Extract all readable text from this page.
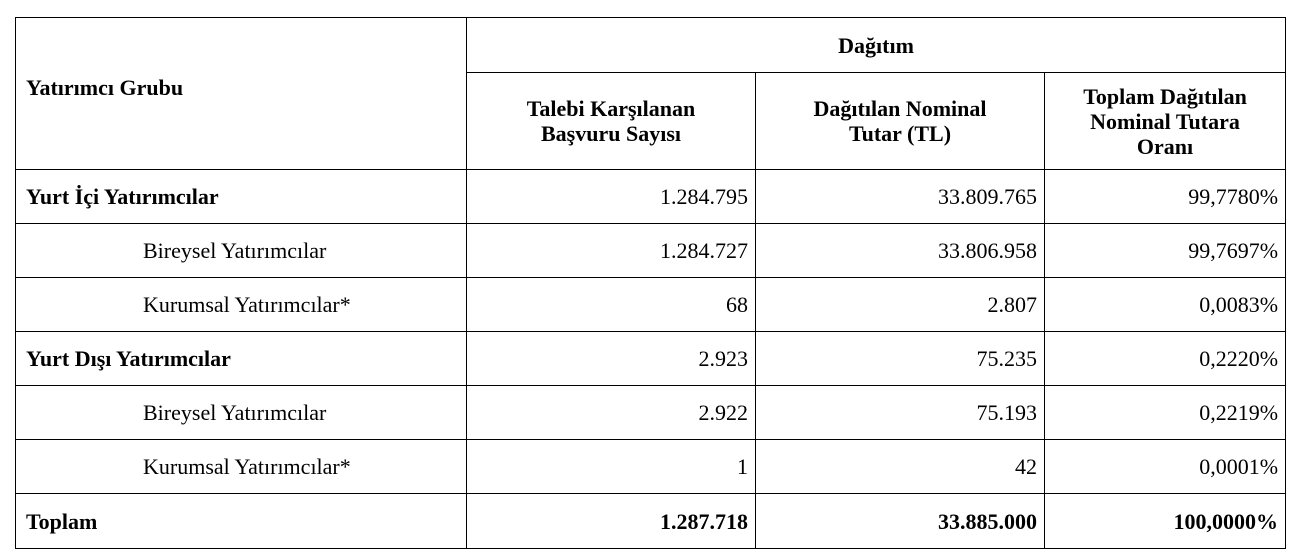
Yatırımcı Grubu	Dağıtım		
	Talebi Karşılanan Başvuru Sayısı	Dağıtılan Nominal Tutar (TL)	Toplam Dağıtılan Nominal Tutara Oranı
Yurt İçi Yatırımcılar	1.284.795	33.809.765	99,7780%
Bireysel Yatırımcılar	1.284.727	33.806.958	99,7697%
Kurumsal Yatırımcılar*	68	2.807	0,0083%
Yurt Dışı Yatırımcılar	2.923	75.235	0,2220%
Bireysel Yatırımcılar	2.922	75.193	0,2219%
Kurumsal Yatırımcılar*	1	42	0,0001%
Toplam	1.287.718	33.885.000	100,0000%
